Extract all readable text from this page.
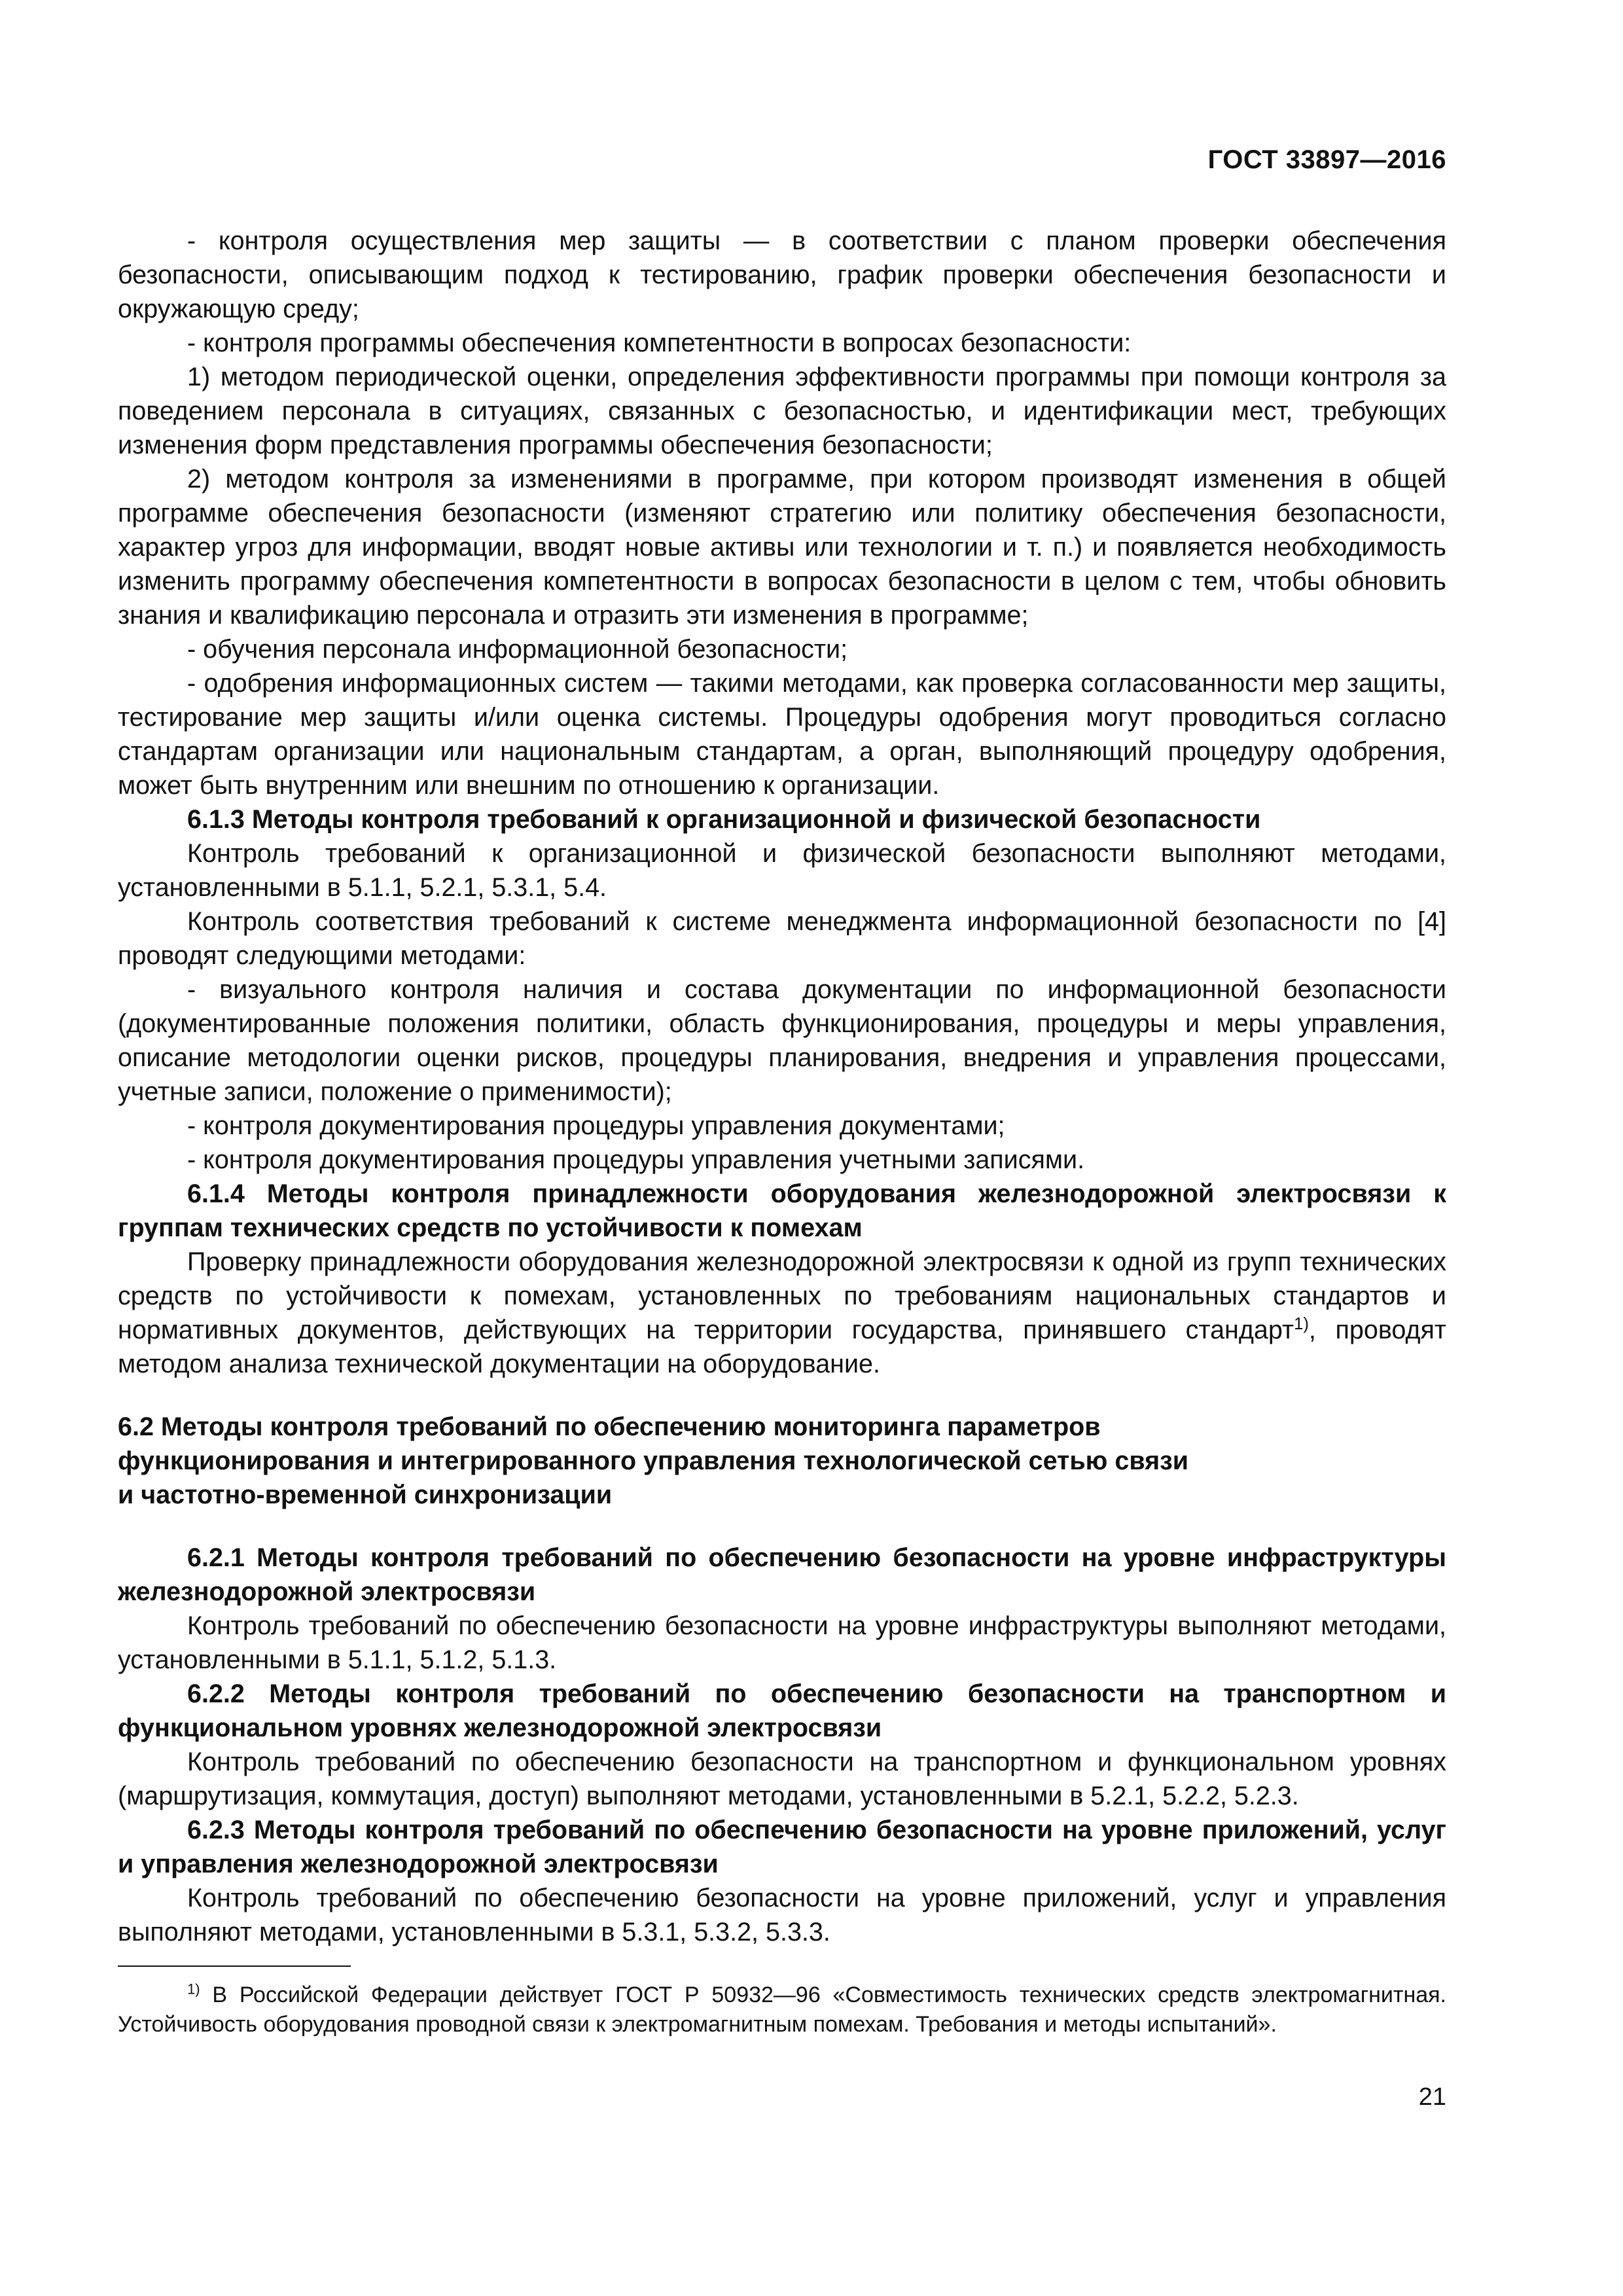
ГОСТ 33897—2016

- контроля осуществления мер защиты — в соответствии с планом проверки обеспечения безопасности, описывающим подход к тестированию, график проверки обеспечения безопасности и окружающую среду;

- контроля программы обеспечения компетентности в вопросах безопасности:

1) методом периодической оценки, определения эффективности программы при помощи контроля за поведением персонала в ситуациях, связанных с безопасностью, и идентификации мест, требующих изменения форм представления программы обеспечения безопасности;

2) методом контроля за изменениями в программе, при котором производят изменения в общей программе обеспечения безопасности (изменяют стратегию или политику обеспечения безопасности, характер угроз для информации, вводят новые активы или технологии и т. п.) и появляется необходимость изменить программу обеспечения компетентности в вопросах безопасности в целом с тем, чтобы обновить знания и квалификацию персонала и отразить эти изменения в программе;

- обучения персонала информационной безопасности;

- одобрения информационных систем — такими методами, как проверка согласованности мер защиты, тестирование мер защиты и/или оценка системы. Процедуры одобрения могут проводиться согласно стандартам организации или национальным стандартам, а орган, выполняющий процедуру одобрения, может быть внутренним или внешним по отношению к организации.

6.1.3 Методы контроля требований к организационной и физической безопасности

Контроль требований к организационной и физической безопасности выполняют методами, установленными в 5.1.1, 5.2.1, 5.3.1, 5.4.

Контроль соответствия требований к системе менеджмента информационной безопасности по [4] проводят следующими методами:

- визуального контроля наличия и состава документации по информационной безопасности (документированные положения политики, область функционирования, процедуры и меры управления, описание методологии оценки рисков, процедуры планирования, внедрения и управления процессами, учетные записи, положение о применимости);

- контроля документирования процедуры управления документами;

- контроля документирования процедуры управления учетными записями.

6.1.4 Методы контроля принадлежности оборудования железнодорожной электросвязи к группам технических средств по устойчивости к помехам

Проверку принадлежности оборудования железнодорожной электросвязи к одной из групп технических средств по устойчивости к помехам, установленных по требованиям национальных стандартов и нормативных документов, действующих на территории государства, принявшего стандарт$^{1)}$, проводят методом анализа технической документации на оборудование.

6.2 Методы контроля требований по обеспечению мониторинга параметров
функционирования и интегрированного управления технологической сетью связи
и частотно-временной синхронизации

6.2.1 Методы контроля требований по обеспечению безопасности на уровне инфраструктуры железнодорожной электросвязи

Контроль требований по обеспечению безопасности на уровне инфраструктуры выполняют методами, установленными в 5.1.1, 5.1.2, 5.1.3.

6.2.2 Методы контроля требований по обеспечению безопасности на транспортном и функциональном уровнях железнодорожной электросвязи

Контроль требований по обеспечению безопасности на транспортном и функциональном уровнях (маршрутизация, коммутация, доступ) выполняют методами, установленными в 5.2.1, 5.2.2, 5.2.3.

6.2.3 Методы контроля требований по обеспечению безопасности на уровне приложений, услуг и управления железнодорожной электросвязи

Контроль требований по обеспечению безопасности на уровне приложений, услуг и управления выполняют методами, установленными в 5.3.1, 5.3.2, 5.3.3.

$^{1)}$ В Российской Федерации действует ГОСТ Р 50932—96 «Совместимость технических средств электромагнитная. Устойчивость оборудования проводной связи к электромагнитным помехам. Требования и методы испытаний».

21
